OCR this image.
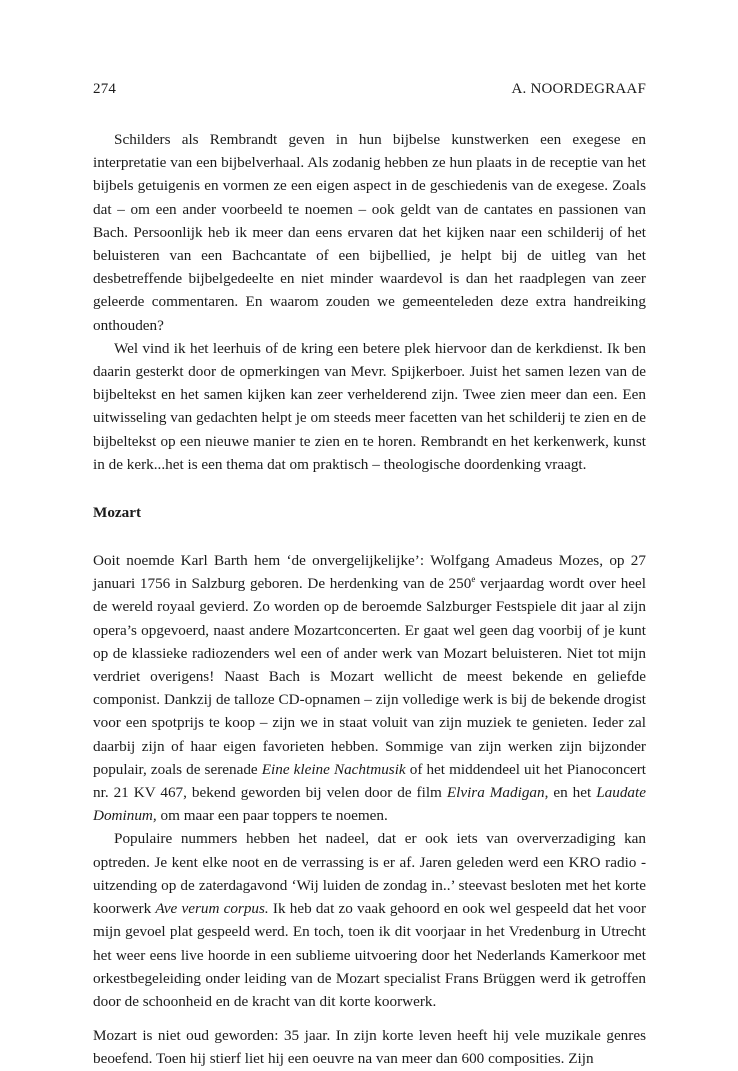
274	A. NOORDEGRAAF

Schilders als Rembrandt geven in hun bijbelse kunstwerken een exegese en interpretatie van een bijbelverhaal. Als zodanig hebben ze hun plaats in de receptie van het bijbels getuigenis en vormen ze een eigen aspect in de geschiedenis van de exegese. Zoals dat – om een ander voorbeeld te noemen – ook geldt van de cantates en passionen van Bach. Persoonlijk heb ik meer dan eens ervaren dat het kijken naar een schilderij of het beluisteren van een Bachcantate of een bijbellied, je helpt bij de uitleg van het desbetreffende bijbelgedeelte en niet minder waardevol is dan het raadplegen van zeer geleerde commentaren. En waarom zouden we gemeenteleden deze extra handreiking onthouden?

Wel vind ik het leerhuis of de kring een betere plek hiervoor dan de kerkdienst. Ik ben daarin gesterkt door de opmerkingen van Mevr. Spijkerboer. Juist het samen lezen van de bijbeltekst en het samen kijken kan zeer verhelderend zijn. Twee zien meer dan een. Een uitwisseling van gedachten helpt je om steeds meer facetten van het schilderij te zien en de bijbeltekst op een nieuwe manier te zien en te horen. Rembrandt en het kerkenwerk, kunst in de kerk...het is een thema dat om praktisch – theologische doordenking vraagt.

Mozart

Ooit noemde Karl Barth hem ‘de onvergelijkelijke’: Wolfgang Amadeus Mozes, op 27 januari 1756 in Salzburg geboren. De herdenking van de 250e verjaardag wordt over heel de wereld royaal gevierd. Zo worden op de beroemde Salzburger Festspiele dit jaar al zijn opera’s opgevoerd, naast andere Mozartconcerten. Er gaat wel geen dag voorbij of je kunt op de klassieke radiozenders wel een of ander werk van Mozart beluisteren. Niet tot mijn verdriet overigens! Naast Bach is Mozart wellicht de meest bekende en geliefde componist. Dankzij de talloze CD-opnamen – zijn volledige werk is bij de bekende drogist voor een spotprijs te koop – zijn we in staat voluit van zijn muziek te genieten. Ieder zal daarbij zijn of haar eigen favorieten hebben. Sommige van zijn werken zijn bijzonder populair, zoals de serenade Eine kleine Nachtmusik of het middendeel uit het Pianoconcert nr. 21 KV 467, bekend geworden bij velen door de film Elvira Madigan, en het Laudate Dominum, om maar een paar toppers te noemen.

Populaire nummers hebben het nadeel, dat er ook iets van oververzadiging kan optreden. Je kent elke noot en de verrassing is er af. Jaren geleden werd een KRO radio -uitzending op de zaterdagavond ‘Wij luiden de zondag in..’ steevast besloten met het korte koorwerk Ave verum corpus. Ik heb dat zo vaak gehoord en ook wel gespeeld dat het voor mijn gevoel plat gespeeld werd. En toch, toen ik dit voorjaar in het Vredenburg in Utrecht het weer eens live hoorde in een sublieme uitvoering door het Nederlands Kamerkoor met orkestbegeleiding onder leiding van de Mozart specialist Frans Brüggen werd ik getroffen door de schoonheid en de kracht van dit korte koorwerk.

Mozart is niet oud geworden: 35 jaar. In zijn korte leven heeft hij vele muzikale genres beoefend. Toen hij stierf liet hij een oeuvre na van meer dan 600 composities. Zijn
